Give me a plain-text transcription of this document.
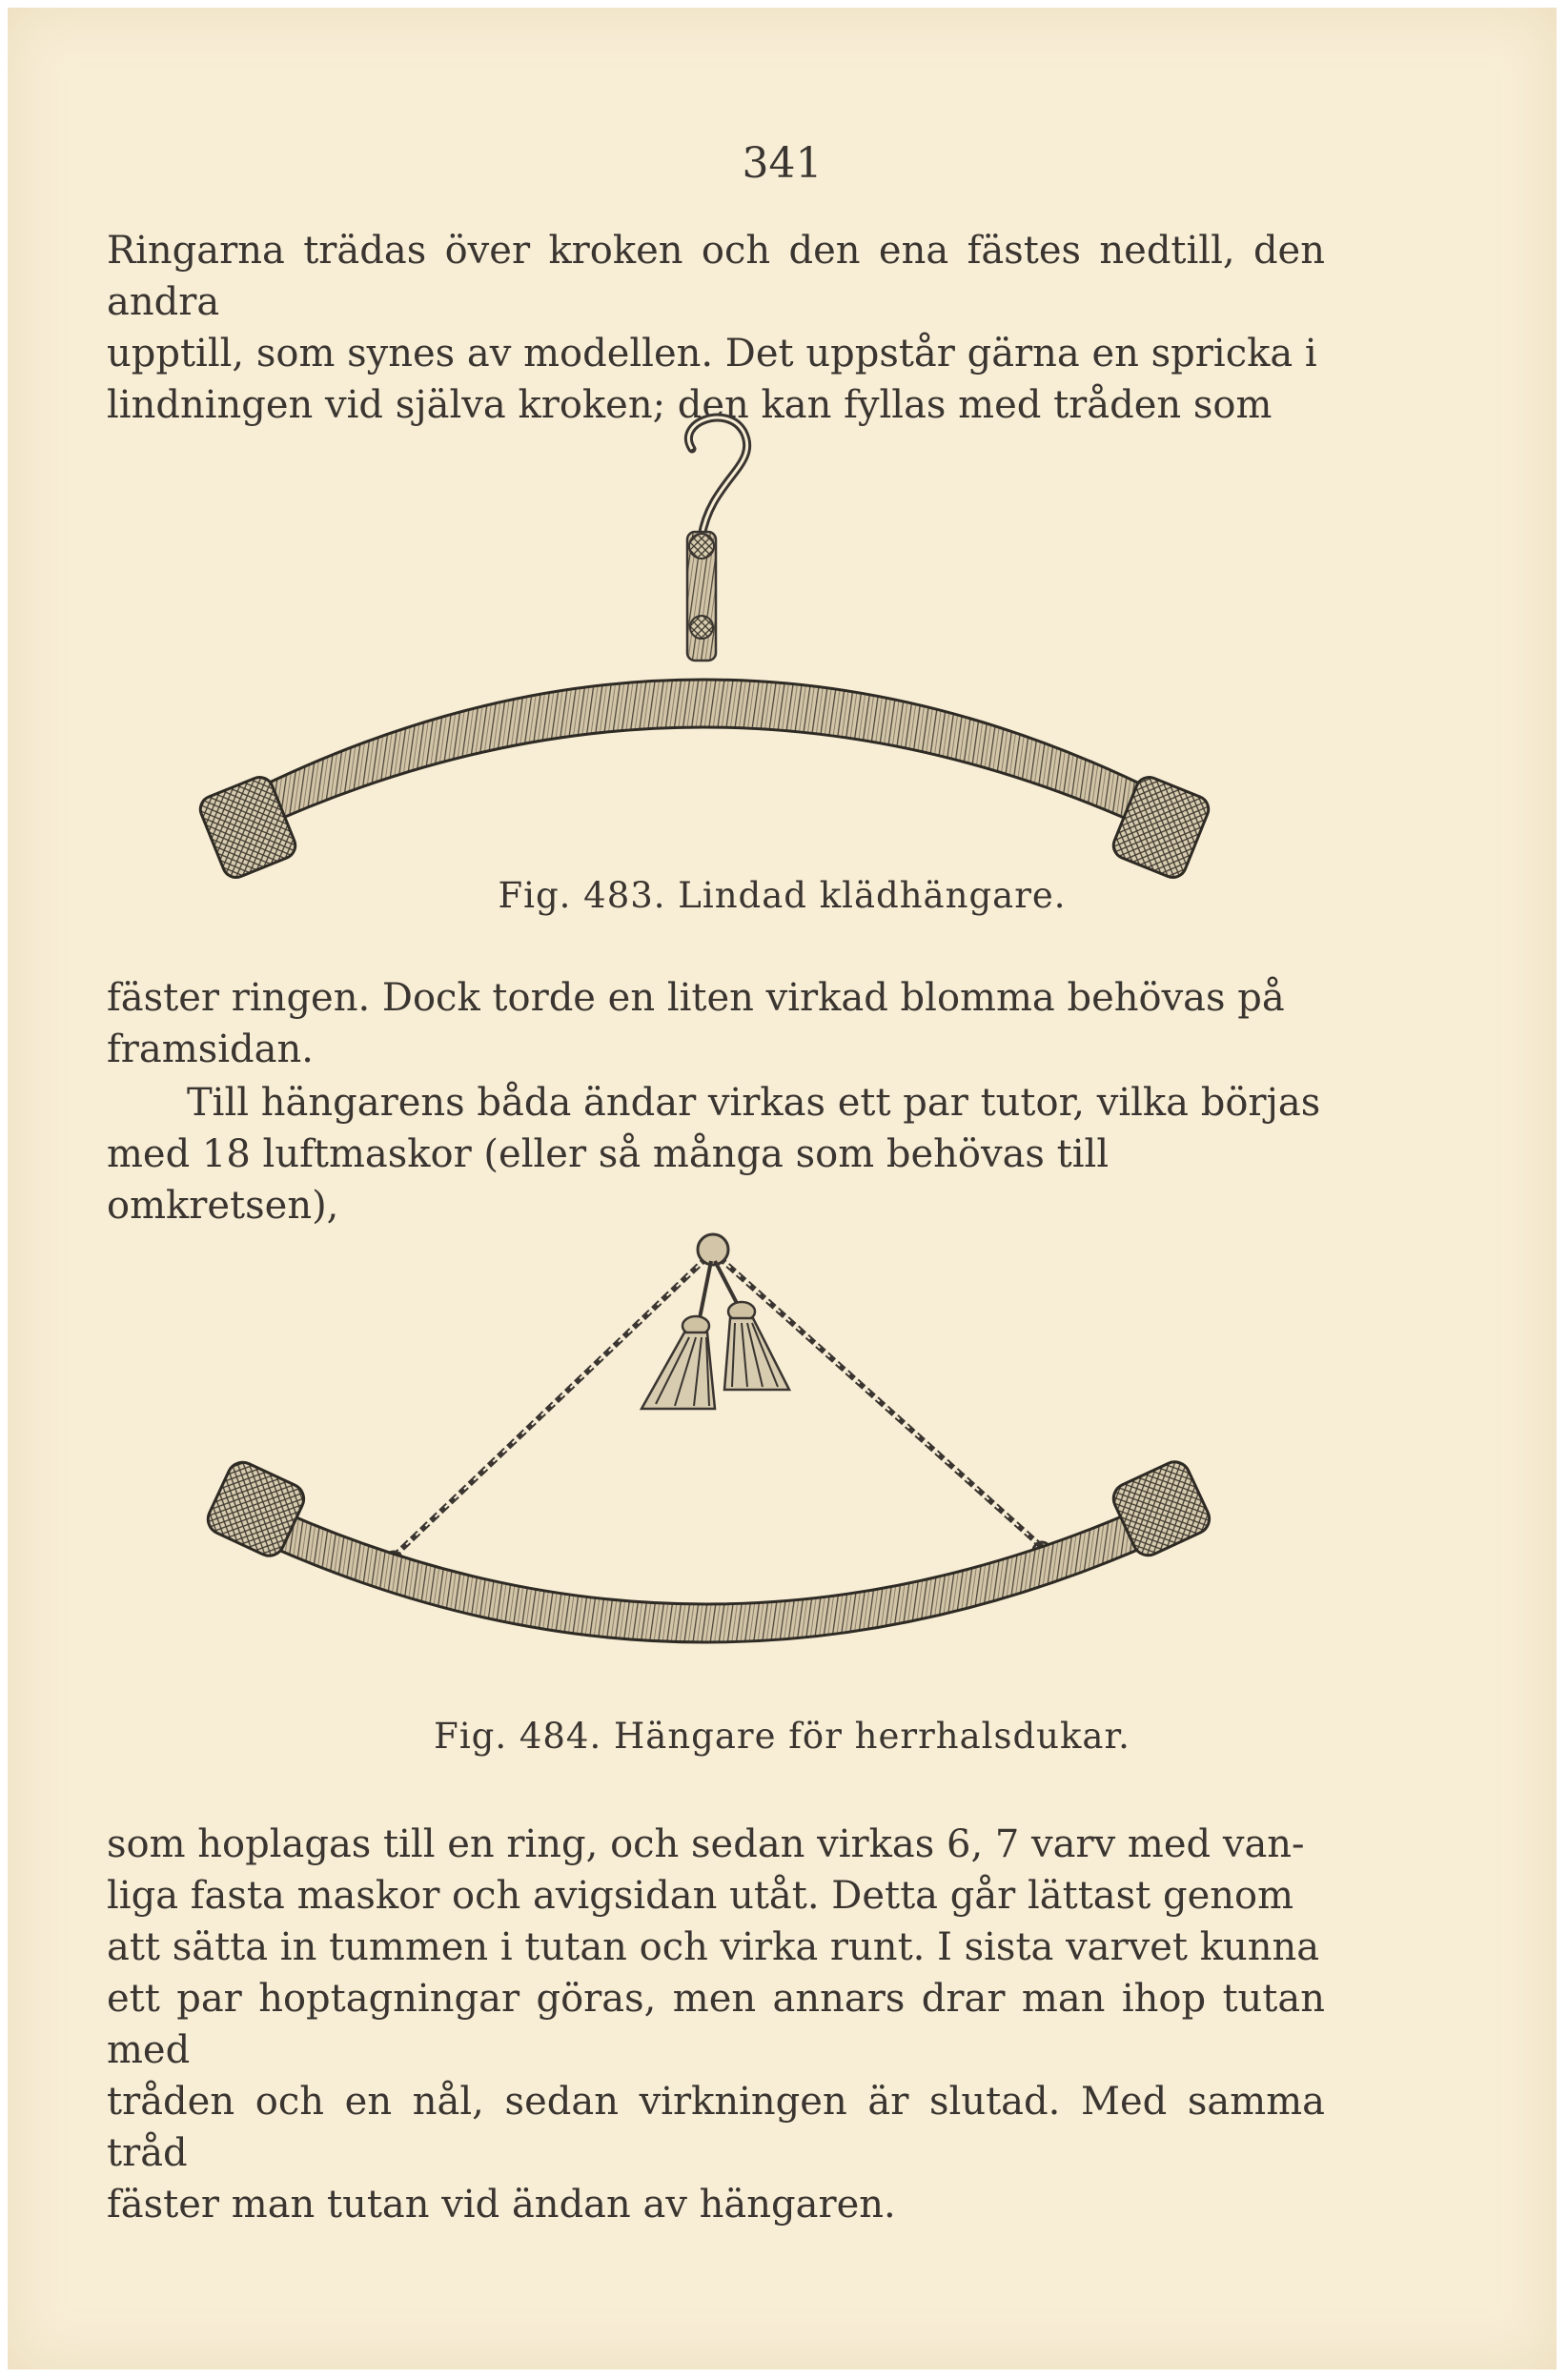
341

Ringarna trädas över kroken och den ena fästes nedtill, den andra
upptill, som synes av modellen. Det uppstår gärna en spricka i
lindningen vid själva kroken; den kan fyllas med tråden som

Fig. 483. Lindad klädhängare.

fäster ringen. Dock torde en liten virkad blomma behövas på
framsidan.

Till hängarens båda ändar virkas ett par tutor, vilka börjas
med 18 luftmaskor (eller så många som behövas till omkretsen),

Fig. 484. Hängare för herrhalsdukar.

som hoplagas till en ring, och sedan virkas 6, 7 varv med van-
liga fasta maskor och avigsidan utåt. Detta går lättast genom
att sätta in tummen i tutan och virka runt. I sista varvet kunna
ett par hoptagningar göras, men annars drar man ihop tutan med
tråden och en nål, sedan virkningen är slutad. Med samma tråd
fäster man tutan vid ändan av hängaren.
